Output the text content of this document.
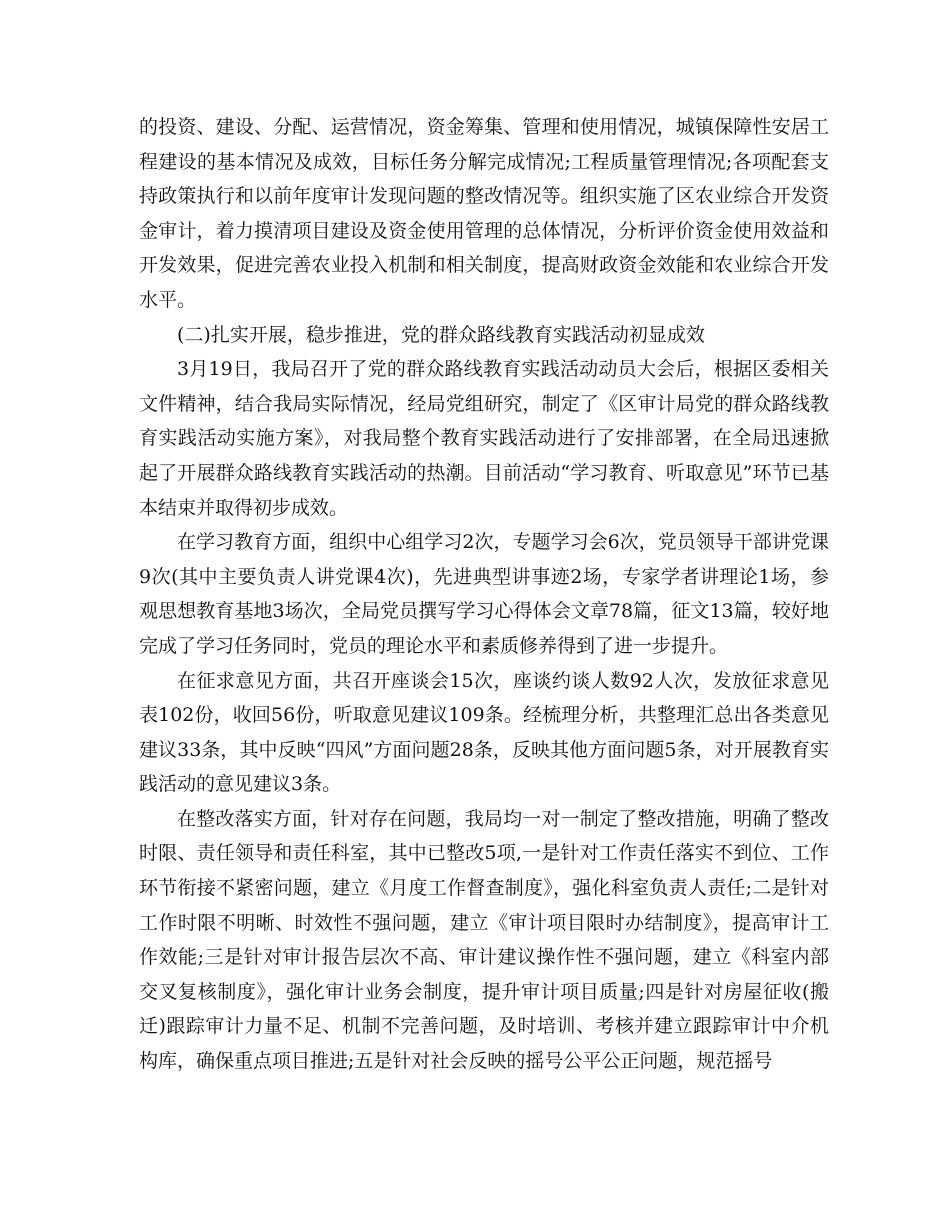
的投资、建设、分配、运营情况，资金筹集、管理和使用情况，城镇保障性安居工程建设的基本情况及成效，目标任务分解完成情况;工程质量管理情况;各项配套支持政策执行和以前年度审计发现问题的整改情况等。组织实施了区农业综合开发资金审计，着力摸清项目建设及资金使用管理的总体情况，分析评价资金使用效益和开发效果，促进完善农业投入机制和相关制度，提高财政资金效能和农业综合开发水平。

(二)扎实开展，稳步推进，党的群众路线教育实践活动初显成效

3月19日，我局召开了党的群众路线教育实践活动动员大会后，根据区委相关文件精神，结合我局实际情况，经局党组研究，制定了《区审计局党的群众路线教育实践活动实施方案》，对我局整个教育实践活动进行了安排部署，在全局迅速掀起了开展群众路线教育实践活动的热潮。目前活动“学习教育、听取意见”环节已基本结束并取得初步成效。

在学习教育方面，组织中心组学习2次，专题学习会6次，党员领导干部讲党课9次(其中主要负责人讲党课4次)，先进典型讲事迹2场，专家学者讲理论1场，参观思想教育基地3场次，全局党员撰写学习心得体会文章78篇，征文13篇，较好地完成了学习任务同时，党员的理论水平和素质修养得到了进一步提升。

在征求意见方面，共召开座谈会15次，座谈约谈人数92人次，发放征求意见表102份，收回56份，听取意见建议109条。经梳理分析，共整理汇总出各类意见建议33条，其中反映“四风”方面问题28条，反映其他方面问题5条，对开展教育实践活动的意见建议3条。

在整改落实方面，针对存在问题，我局均一对一制定了整改措施，明确了整改时限、责任领导和责任科室，其中已整改5项,一是针对工作责任落实不到位、工作环节衔接不紧密问题，建立《月度工作督查制度》，强化科室负责人责任;二是针对工作时限不明晰、时效性不强问题，建立《审计项目限时办结制度》，提高审计工作效能;三是针对审计报告层次不高、审计建议操作性不强问题，建立《科室内部交叉复核制度》，强化审计业务会制度，提升审计项目质量;四是针对房屋征收(搬迁)跟踪审计力量不足、机制不完善问题，及时培训、考核并建立跟踪审计中介机构库，确保重点项目推进;五是针对社会反映的摇号公平公正问题，规范摇号
